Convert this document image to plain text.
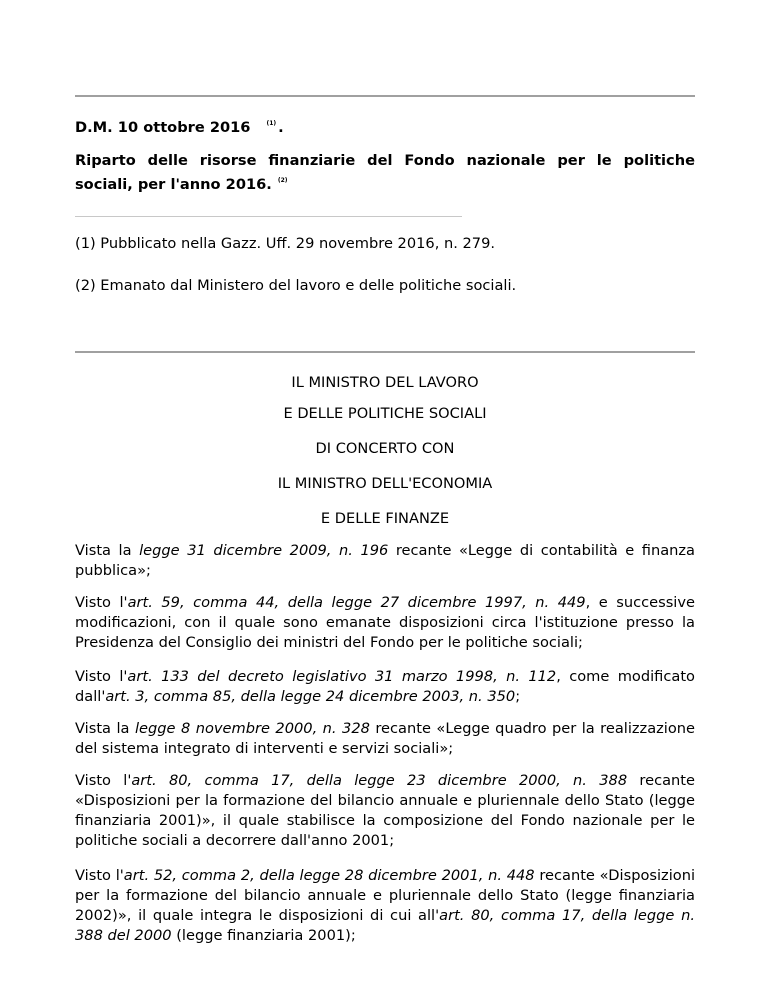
D.M. 10 ottobre 2016	$^{(1)}$ .
Riparto delle risorse finanziarie del Fondo nazionale per le politiche sociali, per l'anno 2016. $^{(2)}$
(1) Pubblicato nella Gazz. Uff. 29 novembre 2016, n. 279.
(2) Emanato dal Ministero del lavoro e delle politiche sociali.
IL MINISTRO DEL LAVORO
E DELLE POLITICHE SOCIALI
DI CONCERTO CON
IL MINISTRO DELL'ECONOMIA
E DELLE FINANZE
Vista la legge 31 dicembre 2009, n. 196 recante «Legge di contabilità e finanza pubblica»;
Visto l'art. 59, comma 44, della legge 27 dicembre 1997, n. 449, e successive modificazioni, con il quale sono emanate disposizioni circa l'istituzione presso la Presidenza del Consiglio dei ministri del Fondo per le politiche sociali;
Visto l'art. 133 del decreto legislativo 31 marzo 1998, n. 112, come modificato dall'art. 3, comma 85, della legge 24 dicembre 2003, n. 350;
Vista la legge 8 novembre 2000, n. 328 recante «Legge quadro per la realizzazione del sistema integrato di interventi e servizi sociali»;
Visto l'art. 80, comma 17, della legge 23 dicembre 2000, n. 388 recante «Disposizioni per la formazione del bilancio annuale e pluriennale dello Stato (legge finanziaria 2001)», il quale stabilisce la composizione del Fondo nazionale per le politiche sociali a decorrere dall'anno 2001;
Visto l'art. 52, comma 2, della legge 28 dicembre 2001, n. 448 recante «Disposizioni per la formazione del bilancio annuale e pluriennale dello Stato (legge finanziaria 2002)», il quale integra le disposizioni di cui all'art. 80, comma 17, della legge n. 388 del 2000 (legge finanziaria 2001);
